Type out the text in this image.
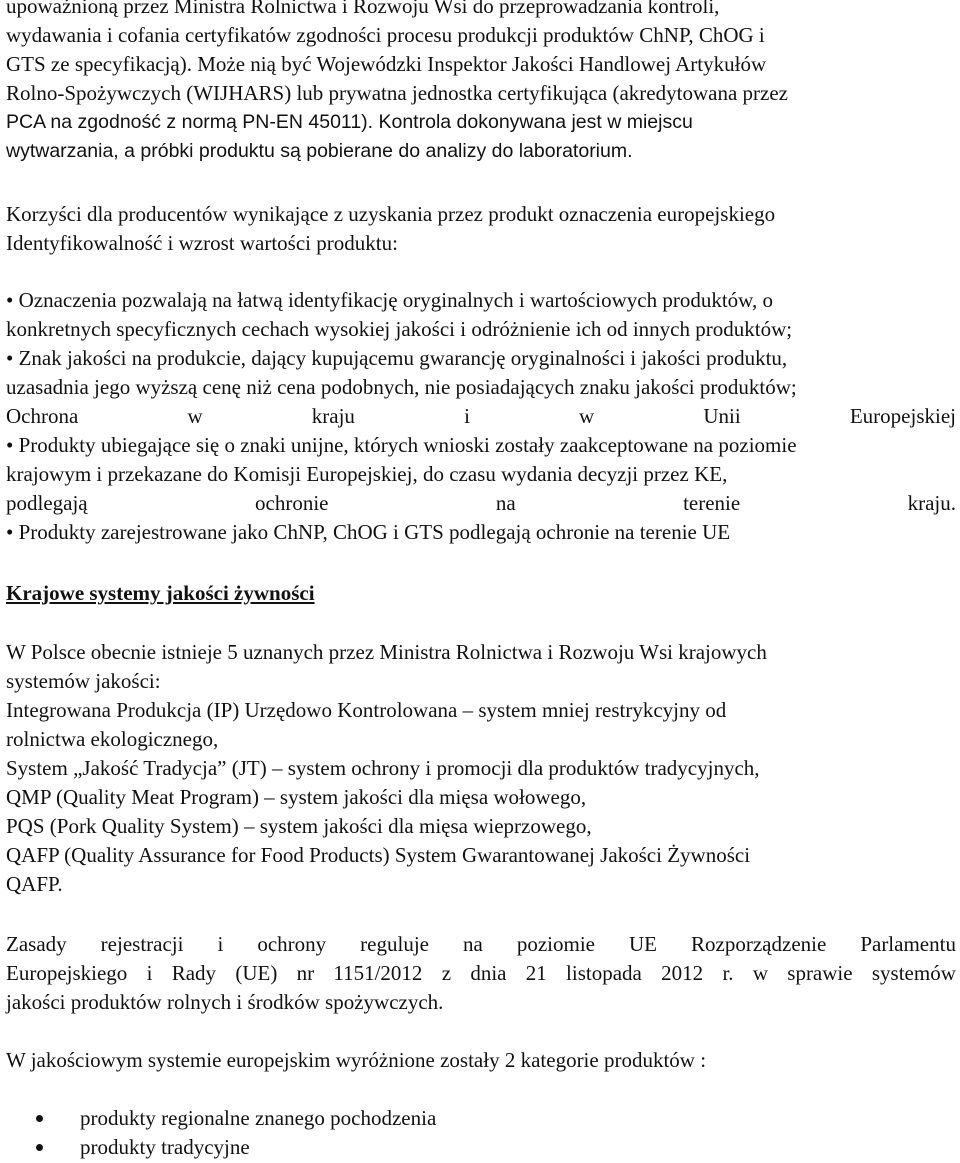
upoważnioną przez Ministra Rolnictwa i Rozwoju Wsi do przeprowadzania kontroli,
wydawania i cofania certyfikatów zgodności procesu produkcji produktów ChNP, ChOG i
GTS ze specyfikacją). Może nią być Wojewódzki Inspektor Jakości Handlowej Artykułów
Rolno-Spożywczych (WIJHARS) lub prywatna jednostka certyfikująca (akredytowana przez
PCA na zgodność z normą PN-EN 45011). Kontrola dokonywana jest w miejscu
wytwarzania, a próbki produktu są pobierane do analizy do laboratorium.
Korzyści dla producentów wynikające z uzyskania przez produkt oznaczenia europejskiego
Identyfikowalność i wzrost wartości produktu:
• Oznaczenia pozwalają na łatwą identyfikację oryginalnych i wartościowych produktów, o
konkretnych specyficznych cechach wysokiej jakości i odróżnienie ich od innych produktów;
• Znak jakości na produkcie, dający kupującemu gwarancję oryginalności i jakości produktu,
uzasadnia jego wyższą cenę niż cena podobnych, nie posiadających znaku jakości produktów;
Ochrona	w	kraju	i	w	Unii	Europejskiej
• Produkty ubiegające się o znaki unijne, których wnioski zostały zaakceptowane na poziomie
krajowym i przekazane do Komisji Europejskiej, do czasu wydania decyzji przez KE,
podlegają	ochronie	na	terenie	kraju.
• Produkty zarejestrowane jako ChNP, ChOG i GTS podlegają ochronie na terenie UE
Krajowe systemy jakości żywności
W Polsce obecnie istnieje 5 uznanych przez Ministra Rolnictwa i Rozwoju Wsi krajowych
systemów jakości:
Integrowana Produkcja (IP) Urzędowo Kontrolowana – system mniej restrykcyjny od
rolnictwa ekologicznego,
System „Jakość Tradycja” (JT) – system ochrony i promocji dla produktów tradycyjnych,
QMP (Quality Meat Program) – system jakości dla mięsa wołowego,
PQS (Pork Quality System) – system jakości dla mięsa wieprzowego,
QAFP (Quality Assurance for Food Products) System Gwarantowanej Jakości Żywności
QAFP.
Zasady rejestracji i ochrony reguluje na poziomie UE Rozporządzenie Parlamentu
Europejskiego i Rady (UE) nr 1151/2012 z dnia 21 listopada 2012 r. w sprawie systemów
jakości produktów rolnych i środków spożywczych.
W jakościowym systemie europejskim wyróżnione zostały 2 kategorie produktów :
produkty regionalne znanego pochodzenia
produkty tradycyjne
